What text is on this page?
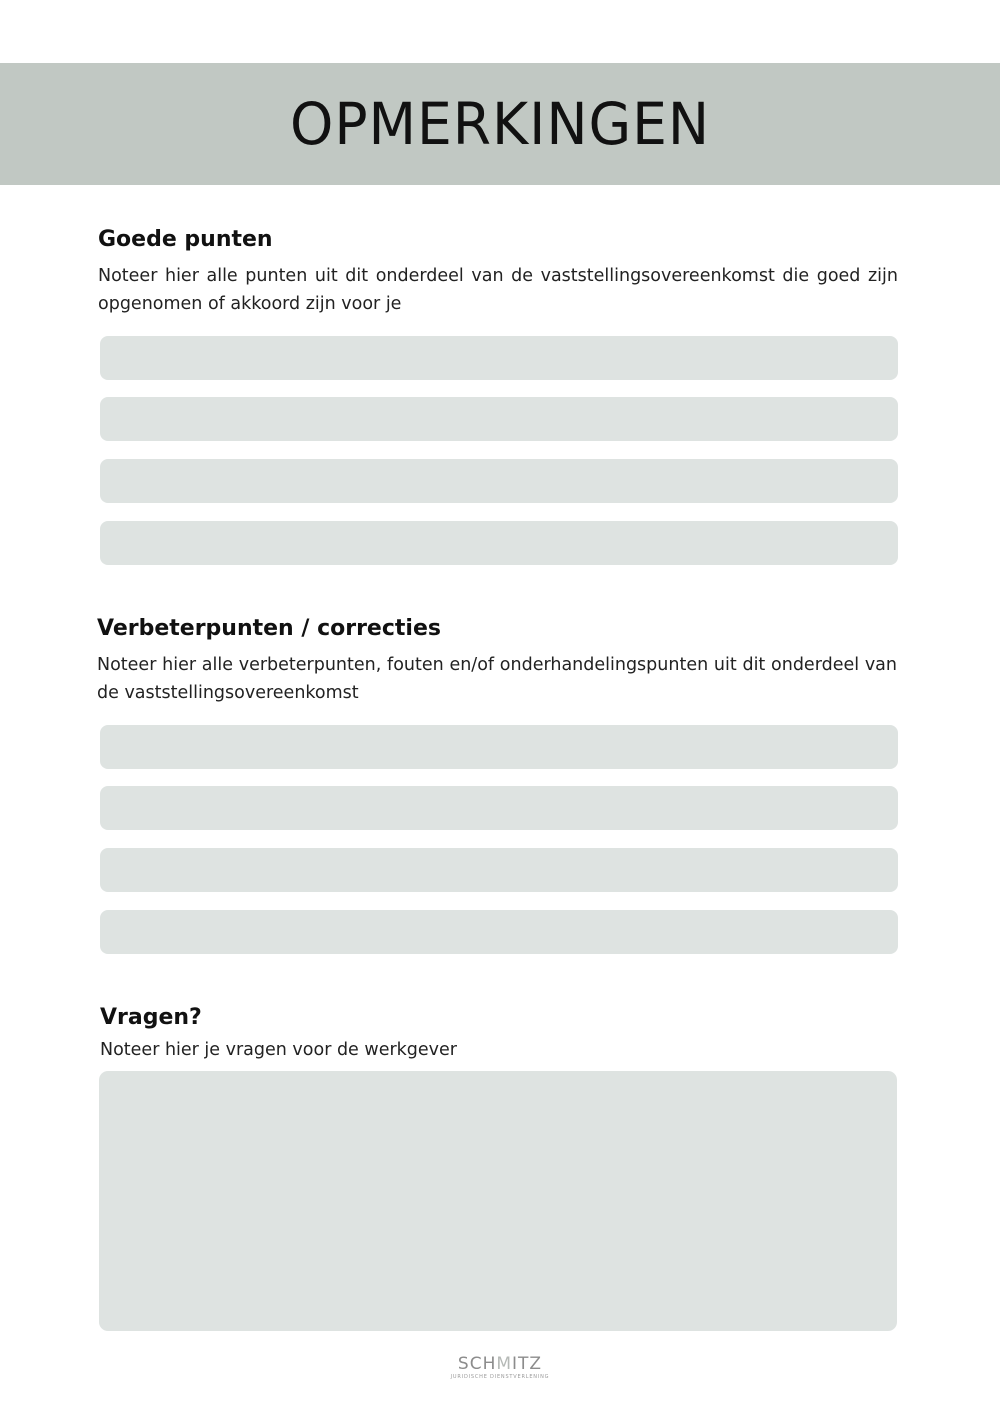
OPMERKINGEN
Goede punten

Noteer hier alle punten uit dit onderdeel van de vaststellingsovereenkomst die goed zijn opgenomen of akkoord zijn voor je

Verbeterpunten / correcties

Noteer hier alle verbeterpunten, fouten en/of onderhandelingspunten uit dit onderdeel van de vaststellingsovereenkomst

Vragen?

Noteer hier je vragen voor de werkgever

SCHMITZ
JURIDISCHE DIENSTVERLENING
